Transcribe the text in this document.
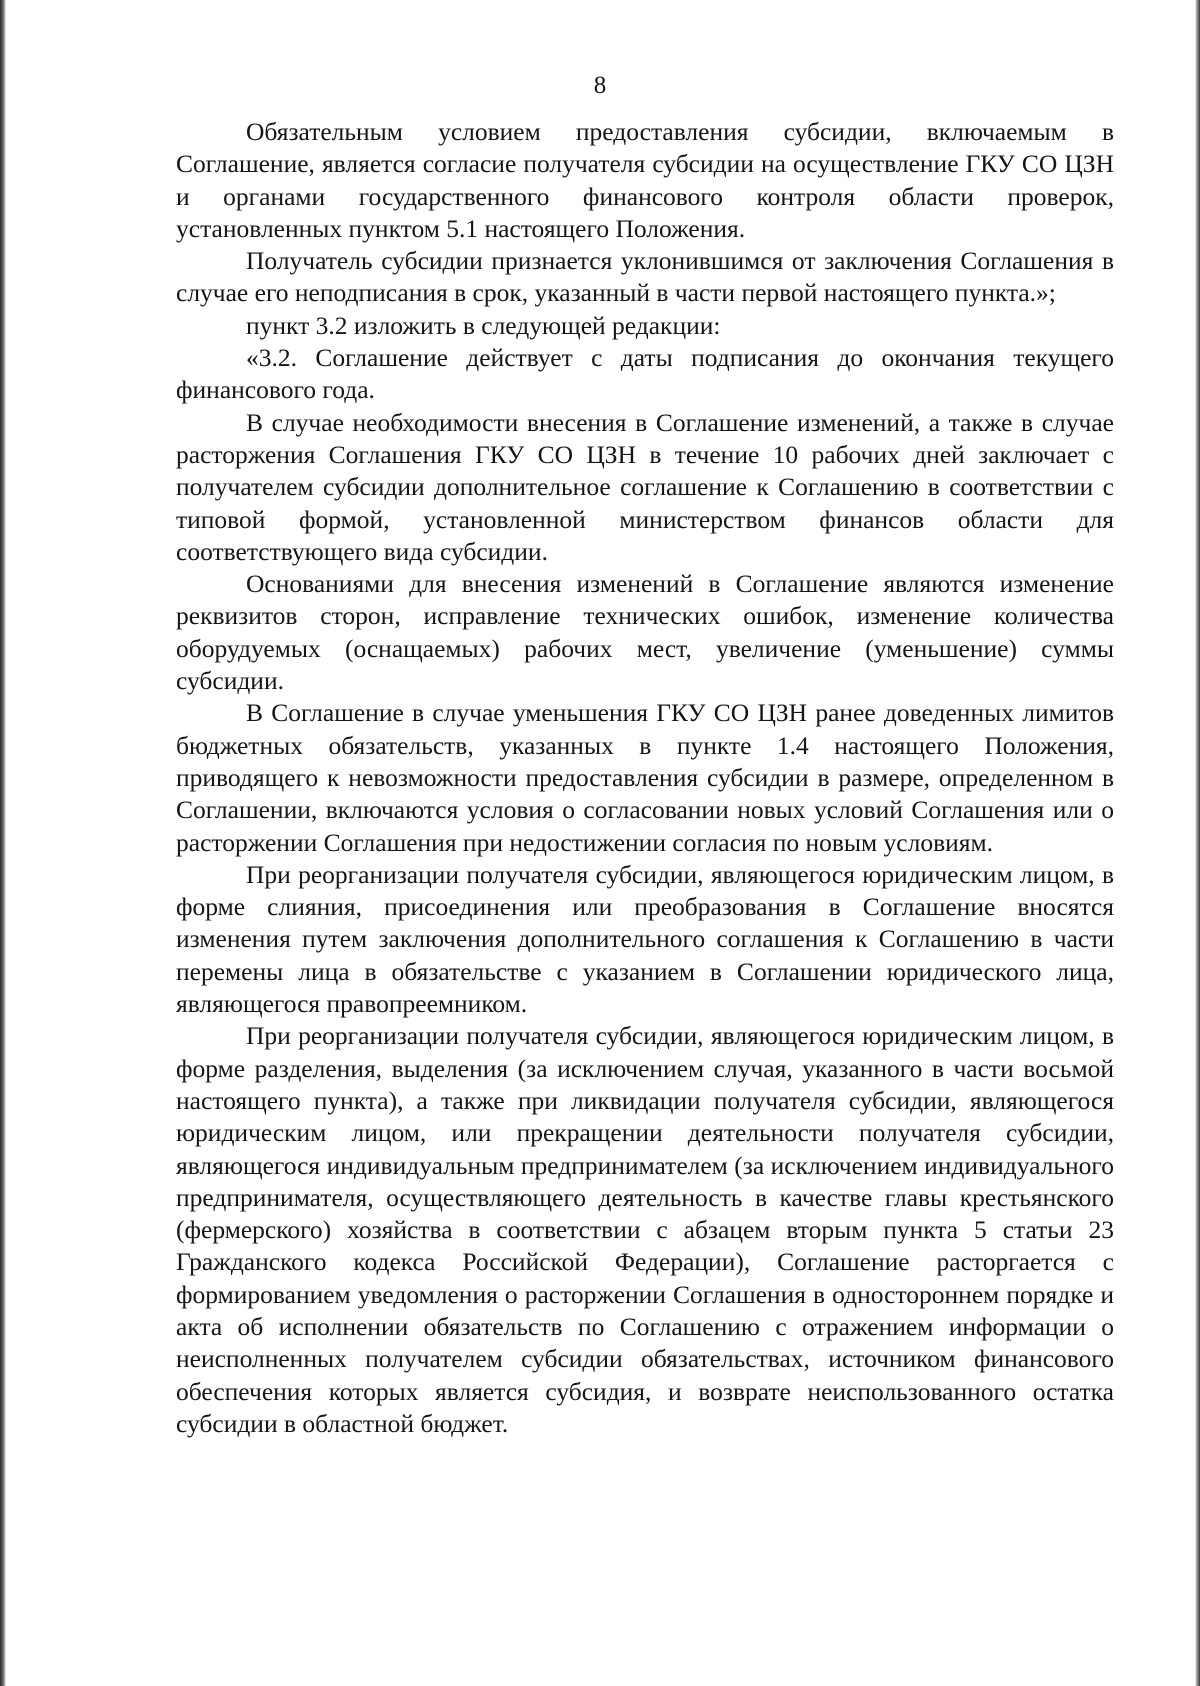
8

Обязательным условием предоставления субсидии, включаемым в Соглашение, является согласие получателя субсидии на осуществление ГКУ СО ЦЗН и органами государственного финансового контроля области проверок, установленных пунктом 5.1 настоящего Положения.

Получатель субсидии признается уклонившимся от заключения Соглашения в случае его неподписания в срок, указанный в части первой настоящего пункта.»;

пункт 3.2 изложить в следующей редакции:

«3.2. Соглашение действует с даты подписания до окончания текущего финансового года.

В случае необходимости внесения в Соглашение изменений, а также в случае расторжения Соглашения ГКУ СО ЦЗН в течение 10 рабочих дней заключает с получателем субсидии дополнительное соглашение к Соглашению в соответствии с типовой формой, установленной министерством финансов области для соответствующего вида субсидии.

Основаниями для внесения изменений в Соглашение являются изменение реквизитов сторон, исправление технических ошибок, изменение количества оборудуемых (оснащаемых) рабочих мест, увеличение (уменьшение) суммы субсидии.

В Соглашение в случае уменьшения ГКУ СО ЦЗН ранее доведенных лимитов бюджетных обязательств, указанных в пункте 1.4 настоящего Положения, приводящего к невозможности предоставления субсидии в размере, определенном в Соглашении, включаются условия о согласовании новых условий Соглашения или о расторжении Соглашения при недостижении согласия по новым условиям.

При реорганизации получателя субсидии, являющегося юридическим лицом, в форме слияния, присоединения или преобразования в Соглашение вносятся изменения путем заключения дополнительного соглашения к Соглашению в части перемены лица в обязательстве с указанием в Соглашении юридического лица, являющегося правопреемником.

При реорганизации получателя субсидии, являющегося юридическим лицом, в форме разделения, выделения (за исключением случая, указанного в части восьмой настоящего пункта), а также при ликвидации получателя субсидии, являющегося юридическим лицом, или прекращении деятельности получателя субсидии, являющегося индивидуальным предпринимателем (за исключением индивидуального предпринимателя, осуществляющего деятельность в качестве главы крестьянского (фермерского) хозяйства в соответствии с абзацем вторым пункта 5 статьи 23 Гражданского кодекса Российской Федерации), Соглашение расторгается с формированием уведомления о расторжении Соглашения в одностороннем порядке и акта об исполнении обязательств по Соглашению с отражением информации о неисполненных получателем субсидии обязательствах, источником финансового обеспечения которых является субсидия, и возврате неиспользованного остатка субсидии в областной бюджет.
